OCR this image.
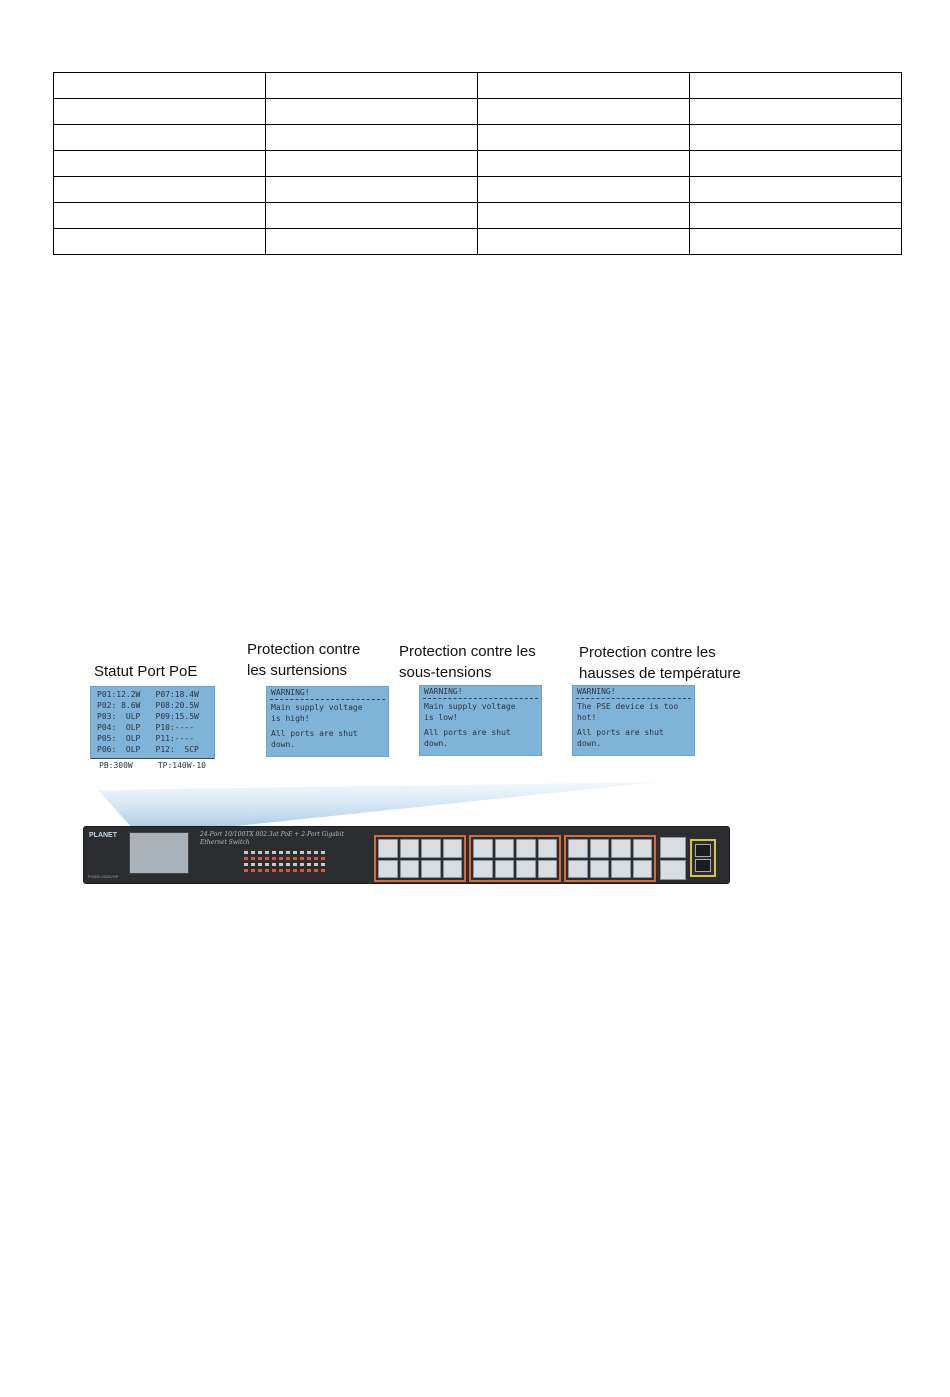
Statut Port PoE
Protection contre
les surtensions
Protection contre les
sous-tensions
Protection contre les
hausses de température
P01:12.2W	P07:18.4W
P02: 8.6W	P08:20.5W
P03:  ULP	P09:15.5W
P04:  OLP	P10:----
P05:  OLP	P11:----
P06:  OLP	P12:  SCP
PB:300W	TP:140W-10
WARNING!
Main supply voltage
is high!
All ports are shut
down.
WARNING!
Main supply voltage
is low!
All ports are shut
down.
WARNING!
The PSE device is too
hot!
All ports are shut
down.
PLANET
FGSW-2620VHP
24-Port 10/100TX 802.3at PoE + 2-Port Gigabit Ethernet Switch
